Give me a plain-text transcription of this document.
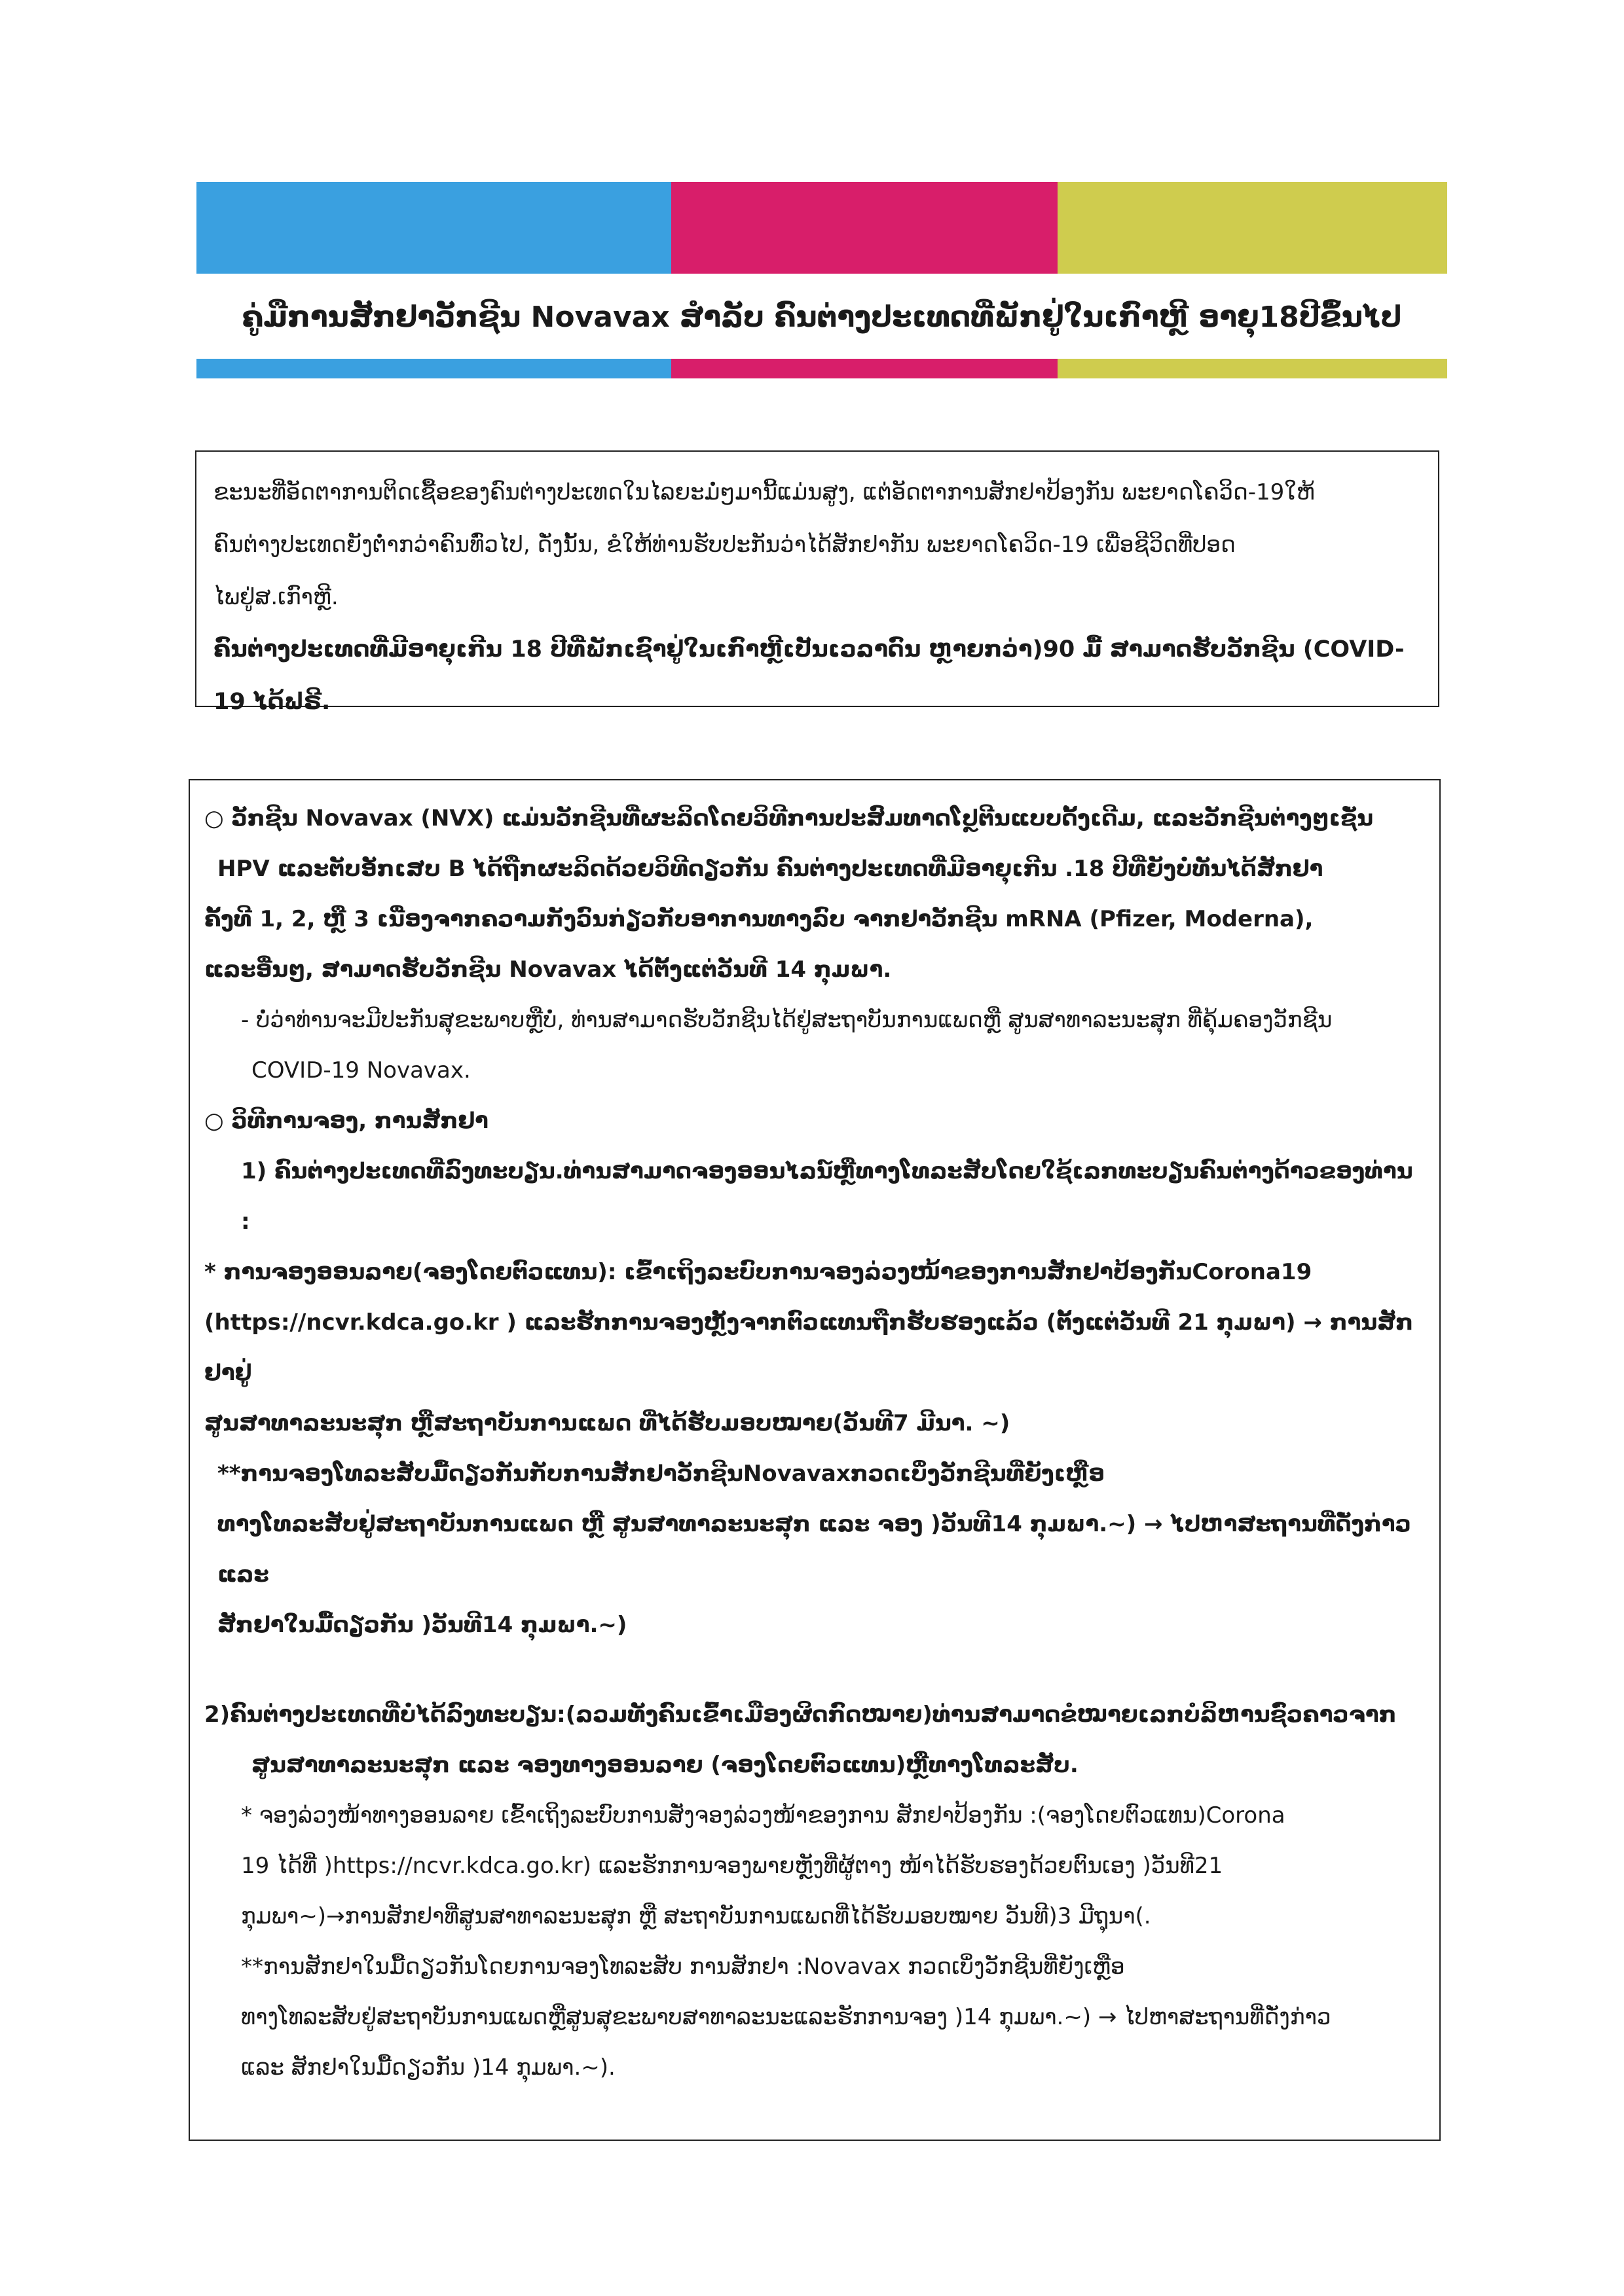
ຄູ່ມືການສັກຢາວັກຊີນ Novavax ສໍາລັບ ຄົນຕ່າງປະເທດທີ່ພັກຢູ່ໃນເກົາຫຼີ ອາຍຸ18ປີຂຶ້ນໄປ

ຂະນະທີ່ອັດຕາການຕິດເຊື້ອຂອງຄົນຕ່າງປະເທດໃນໄລຍະມໍ່ໆມານີ້ແມ່ນສູງ, ແຕ່ອັດຕາການສັກຢາປ້ອງກັນ ພະຍາດໂຄວິດ-19ໃຫ້

ຄົນຕ່າງປະເທດຍັງຕໍ່າກວ່າຄົນທົ່ວໄປ, ດັ່ງນັ້ນ, ຂໍໃຫ້ທ່ານຮັບປະກັນວ່າໄດ້ສັກຢາກັນ ພະຍາດໂຄວິດ-19 ເພື່ອຊີວິດທີ່ປອດ

ໄພຢູ່ສ.ເກົາຫຼີ.

ຄົນຕ່າງປະເທດທີ່ມີອາຍຸເກີນ 18 ປີທີ່ພັກເຊົາຢູ່ໃນເກົາຫຼີເປັນເວລາດົນ ຫຼາຍກວ່າ)90 ມື້ ສາມາດຮັບວັກຊີນ (COVID-19 ໄດ້ຟຣີ.

○ ວັກຊີນ Novavax (NVX) ແມ່ນວັກຊີນທີ່ຜະລິດໂດຍວິທີການປະສົມທາດໂປຼຕີນແບບດັ້ງເດີມ, ແລະວັກຊີນຕ່າງໆເຊັ່ນ

HPV ແລະຕັບອັກເສບ B ໄດ້ຖືກຜະລິດດ້ວຍວິທີດຽວກັນ ຄົນຕ່າງປະເທດທີ່ມີອາຍຸເກີນ .18 ປີທີ່ຍັງບໍ່ທັນໄດ້ສັກຢາ

ຄັ້ງທີ 1, 2, ຫຼື 3 ເນື່ອງຈາກຄວາມກັງວົນກ່ຽວກັບອາການທາງລົບ ຈາກຢາວັກຊີນ mRNA (Pfizer, Moderna),

ແລະອື່ນໆ, ສາມາດຮັບວັກຊີນ Novavax ໄດ້ຕັ້ງແຕ່ວັນທີ 14 ກຸມພາ.

- ບໍ່ວ່າທ່ານຈະມີປະກັນສຸຂະພາບຫຼືບໍ່, ທ່ານສາມາດຮັບວັກຊີນໄດ້ຢູ່ສະຖາບັນການແພດຫຼື ສູນສາທາລະນະສຸກ ທີ່ຄຸ້ມຄອງວັກຊີນ

COVID-19 Novavax.

○ ວິທີການຈອງ, ການສັກຢາ

1) ຄົນຕ່າງປະເທດທີ່ລົງທະບຽນ.ທ່ານສາມາດຈອງອອນໄລນ໌ຫຼືທາງໂທລະສັບໂດຍໃຊ້ເລກທະບຽນຄົນຕ່າງດ້າວຂອງທ່ານ :

* ການຈອງອອນລາຍ(ຈອງໂດຍຕົວແທນ): ເຂົ້າເຖິງລະບົບການຈອງລ່ວງໜ້າຂອງການສັກຢາປ້ອງກັນCorona19

(https://ncvr.kdca.go.kr ) ແລະຮັກການຈອງຫຼັງຈາກຕົວແທນຖືກຮັບຮອງແລ້ວ (ຕັ້ງແຕ່ວັນທີ 21 ກຸມພາ) → ການສັກຢາຢູ່

ສູນສາທາລະນະສຸກ ຫຼືສະຖາບັນການແພດ ທີ່ໄດ້ຮັບມອບໝາຍ(ວັນທີ7 ມີນາ. ~)

**ການຈອງໂທລະສັບມື້ດຽວກັນກັບການສັກຢາວັກຊີນNovavaxກວດເບິ່ງວັກຊີນທີ່ຍັງເຫຼືອ

ທາງໂທລະສັບຢູ່ສະຖາບັນການແພດ ຫຼື ສູນສາທາລະນະສຸກ ແລະ ຈອງ )ວັນທີ14 ກຸມພາ.~) → ໄປຫາສະຖານທີ່ດັ່ງກ່າວ ແລະ

ສັກຢາໃນມື້ດຽວກັນ )ວັນທີ14 ກຸມພາ.~)

2)ຄົນຕ່າງປະເທດທີ່ບໍ່ໄດ້ລົງທະບຽນ:(ລວມທັງຄົນເຂົ້າເມືອງຜິດກົດໝາຍ)ທ່ານສາມາດຂໍໝາຍເລກບໍລິຫານຊົ່ວຄາວຈາກ

ສູນສາທາລະນະສຸກ ແລະ ຈອງທາງອອນລາຍ (ຈອງໂດຍຕົວແທນ)ຫຼືທາງໂທລະສັບ.

* ຈອງລ່ວງໜ້າທາງອອນລາຍ ເຂົ້າເຖິງລະບົບການສັ່ງຈອງລ່ວງໜ້າຂອງການ ສັກຢາປ້ອງກັນ :(ຈອງໂດຍຕົວແທນ)Corona

19 ໄດ້ທີ່ )https://ncvr.kdca.go.kr) ແລະຮັກການຈອງພາຍຫຼັງທີ່ຜູ້ຕາງ ໜ້າໄດ້ຮັບຮອງດ້ວຍຕົນເອງ )ວັນທີ21

ກຸມພາ~)→ການສັກຢາທີ່ສູນສາທາລະນະສຸກ ຫຼື ສະຖາບັນການແພດທີ່ໄດ້ຮັບມອບໝາຍ ວັນທີ)3 ມີຖຸນາ(.

**ການສັກຢາໃນມື້ດຽວກັນໂດຍການຈອງໂທລະສັບ ການສັກຢາ :Novavax ກວດເບິ່ງວັກຊີນທີ່ຍັງເຫຼືອ

ທາງໂທລະສັບຢູ່ສະຖາບັນການແພດຫຼືສູນສຸຂະພາບສາທາລະນະແລະຮັກການຈອງ )14 ກຸມພາ.~) → ໄປຫາສະຖານທີ່ດັ່ງກ່າວ

ແລະ ສັກຢາໃນມື້ດຽວກັນ )14 ກຸມພາ.~).
